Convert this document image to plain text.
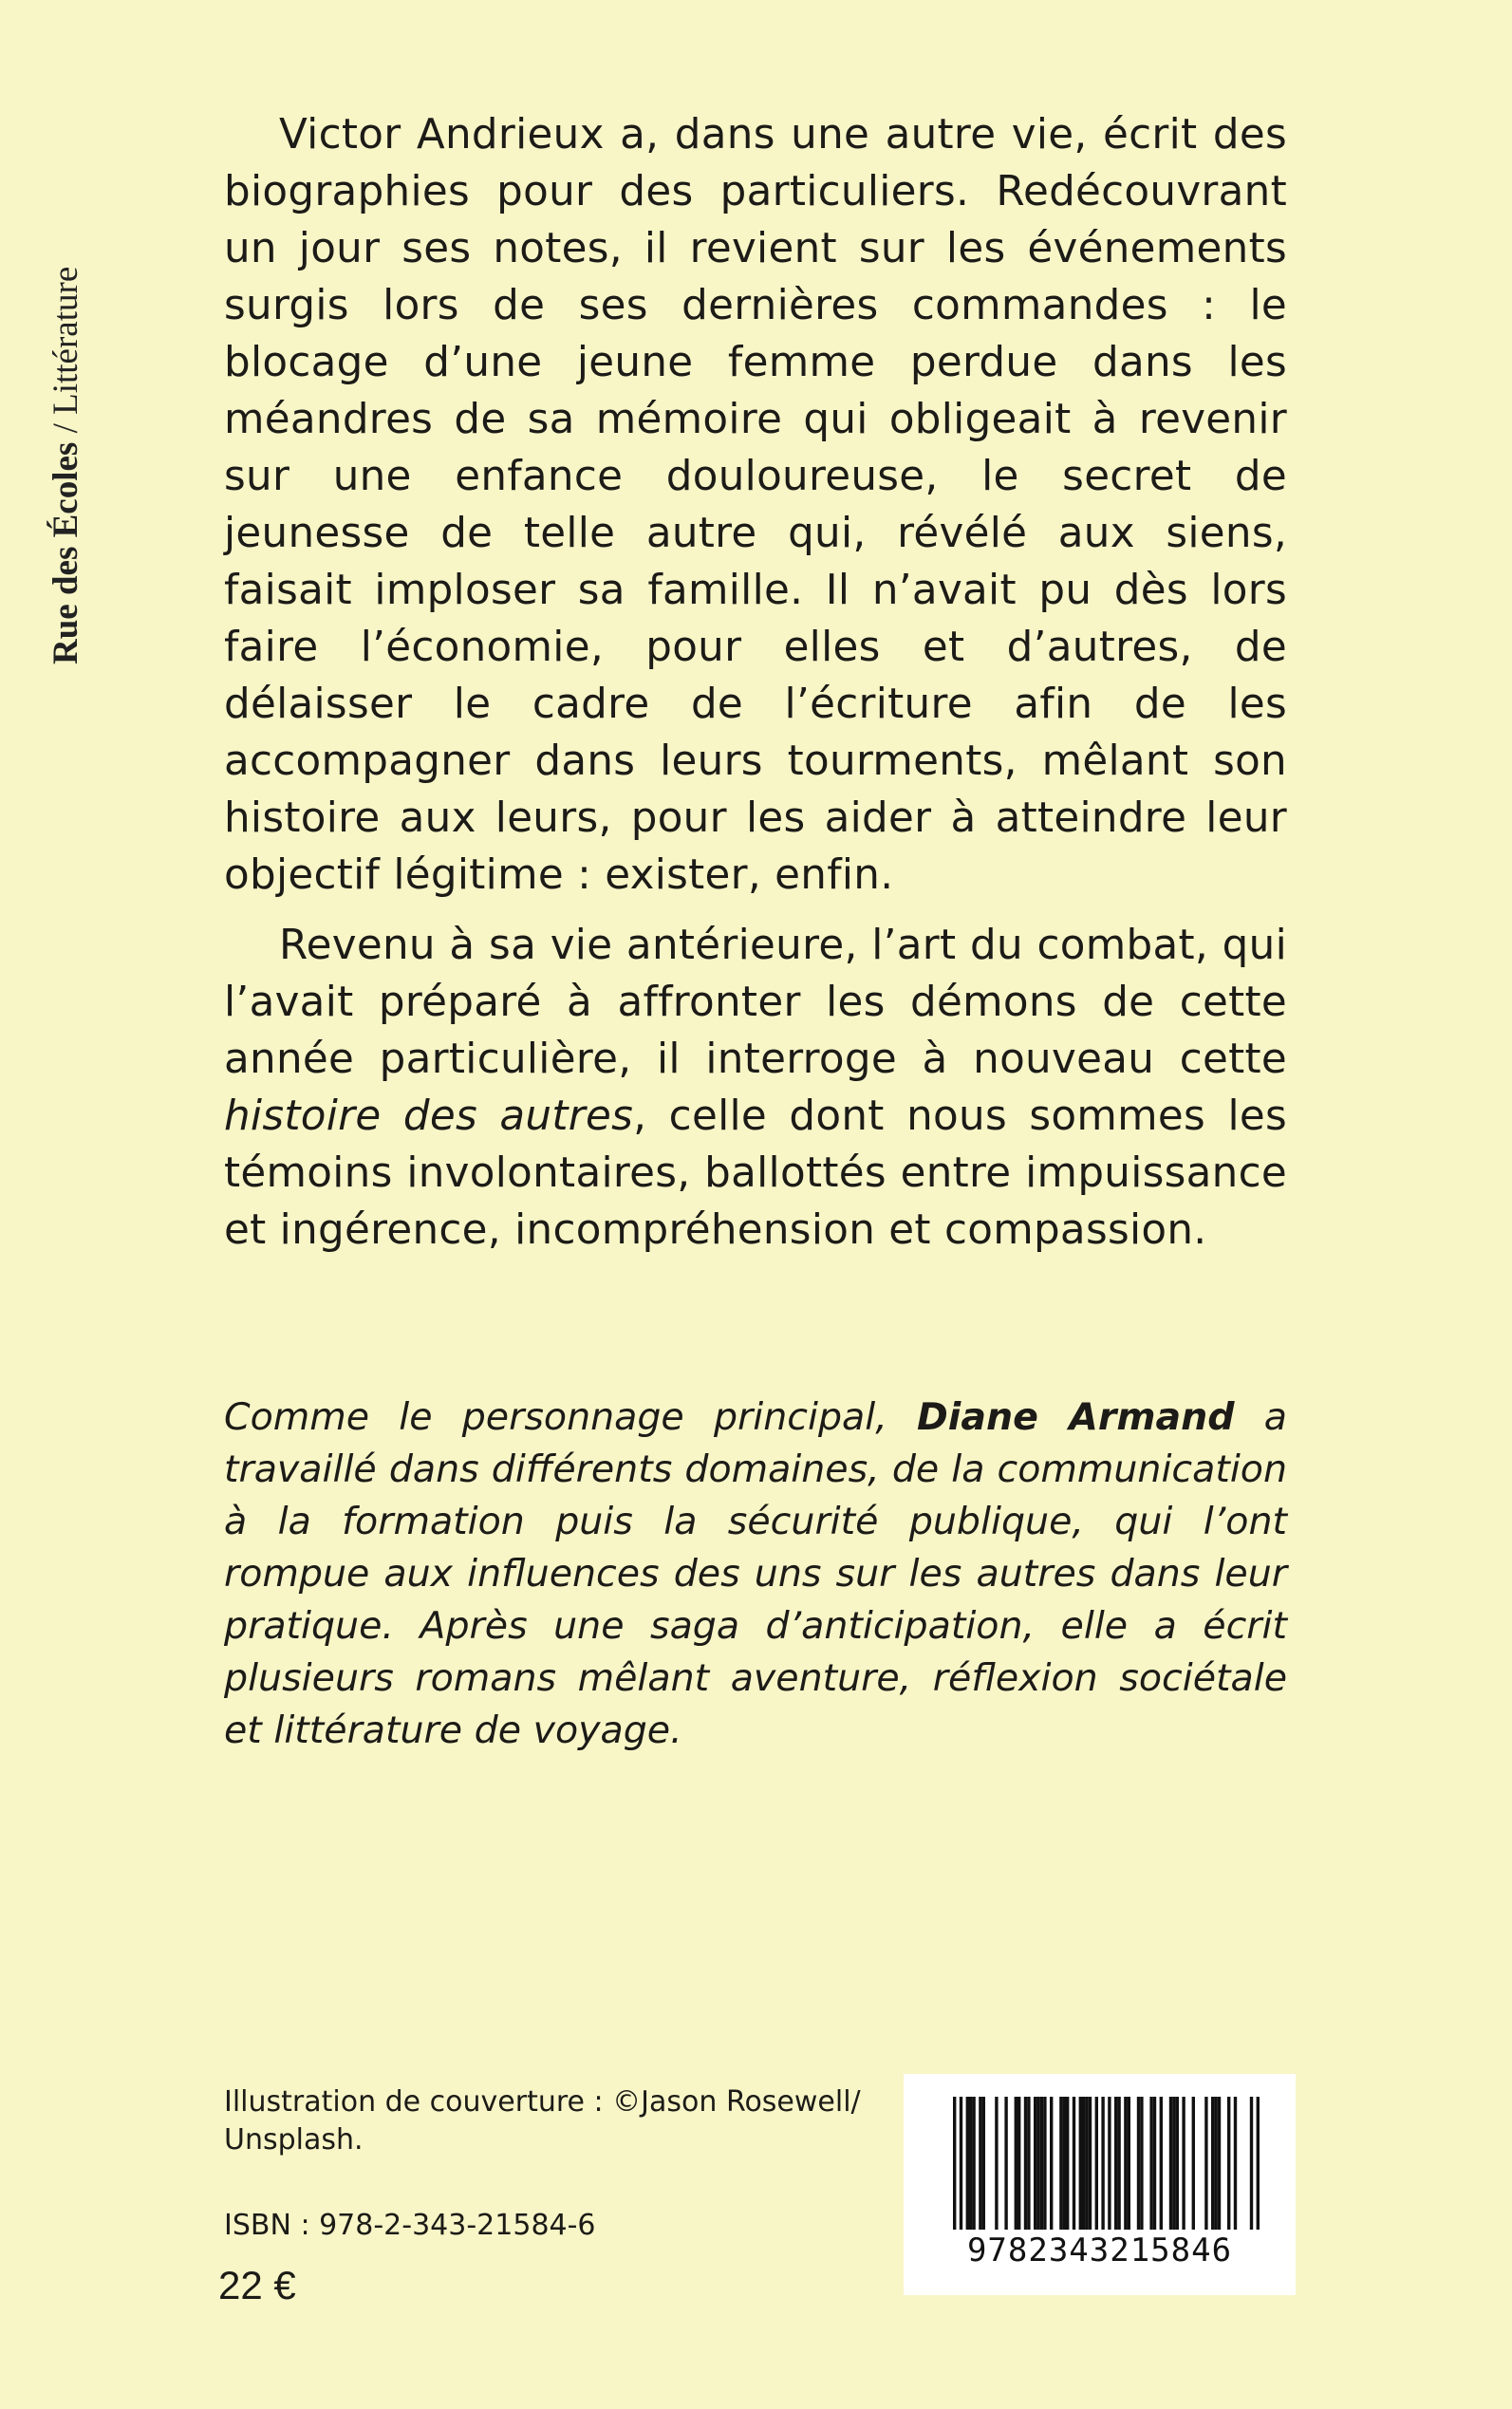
Rue des Écoles / Littérature

Victor Andrieux a, dans une autre vie, écrit des biographies pour des particuliers. Redécouvrant un jour ses notes, il revient sur les événements surgis lors de ses dernières commandes : le blocage d’une jeune femme perdue dans les méandres de sa mémoire qui obligeait à revenir sur une enfance douloureuse, le secret de jeunesse de telle autre qui, révélé aux siens, faisait imploser sa famille. Il n’avait pu dès lors faire l’économie, pour elles et d’autres, de délaisser le cadre de l’écriture afin de les accompagner dans leurs tourments, mêlant son histoire aux leurs, pour les aider à atteindre leur objectif légitime : exister, enfin.

Revenu à sa vie antérieure, l’art du combat, qui l’avait préparé à affronter les démons de cette année particulière, il interroge à nouveau cette histoire des autres, celle dont nous sommes les témoins involontaires, ballottés entre impuissance et ingérence, incompréhension et compassion.

Comme le personnage principal, Diane Armand a travaillé dans différents domaines, de la communication à la formation puis la sécurité publique, qui l’ont rompue aux influences des uns sur les autres dans leur pratique. Après une saga d’anticipation, elle a écrit plusieurs romans mêlant aventure, réflexion sociétale et littérature de voyage.

Illustration de couverture : ©Jason Rosewell/ Unsplash.
ISBN : 978-2-343-21584-6
22 €
9782343215846
